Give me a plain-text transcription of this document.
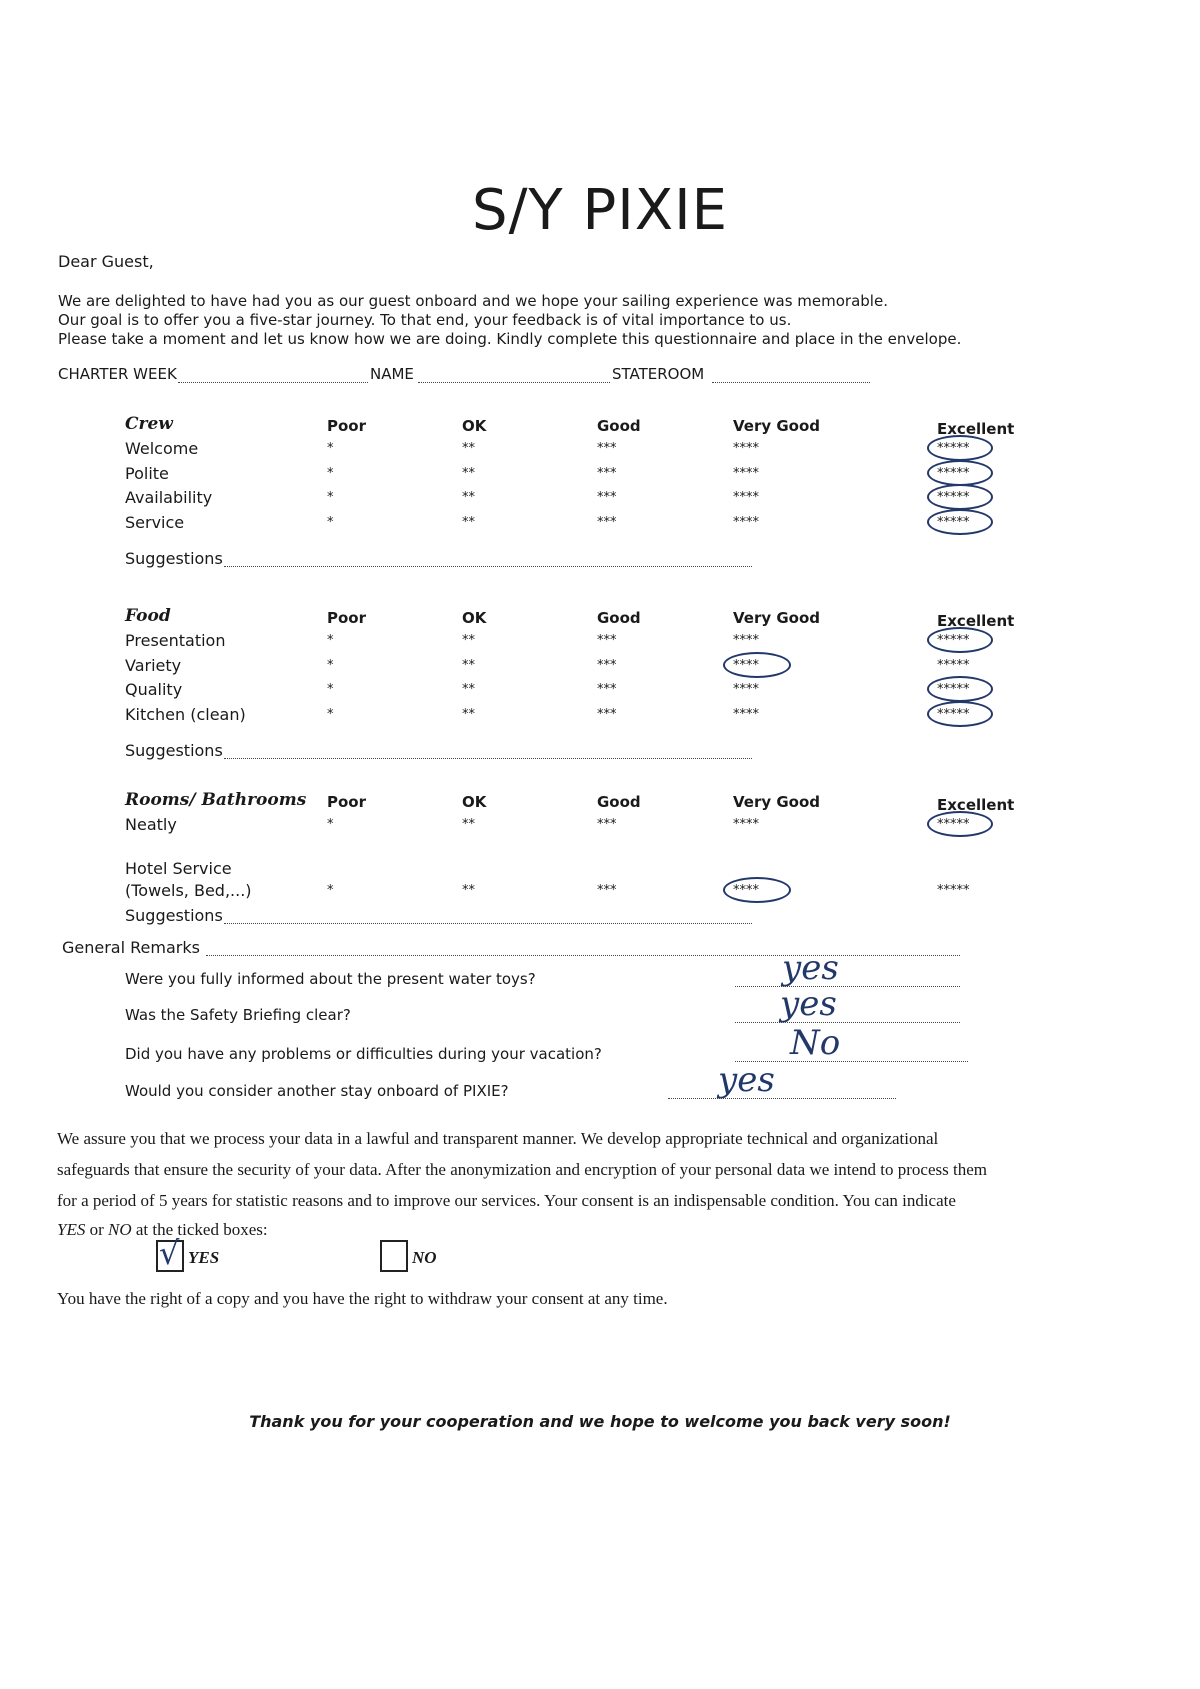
S/Y PIXIE
Dear Guest,
We are delighted to have had you as our guest onboard and we hope your sailing experience was memorable.
Our goal is to offer you a five-star journey. To that end, your feedback is of vital importance to us.
Please take a moment and let us know how we are doing. Kindly complete this questionnaire and place in the envelope.
CHARTER WEEK	NAME	STATEROOM
Crew	Poor	OK	Good	Very Good	Excellent
Welcome	*	**	***	****	*****
Polite	*	**	***	****	*****
Availability	*	**	***	****	*****
Service	*	**	***	****	*****
Suggestions
Food	Poor	OK	Good	Very Good	Excellent
Presentation	*	**	***	****	*****
Variety	*	**	***	****	*****
Quality	*	**	***	****	*****
Kitchen (clean)	*	**	***	****	*****
Suggestions
Rooms/ Bathrooms Poor	OK	Good	Very Good	Excellent
Neatly	*	**	***	****	*****
Hotel Service
(Towels, Bed,...)	*	**	***	****	*****
Suggestions
General Remarks
Were you fully informed about the present water toys?	yes
Was the Safety Briefing clear?	yes
Did you have any problems or difficulties during your vacation?	No
Would you consider another stay onboard of PIXIE?	yes
We assure you that we process your data in a lawful and transparent manner. We develop appropriate technical and organizational
safeguards that ensure the security of your data. After the anonymization and encryption of your personal data we intend to process them
for a period of 5 years for statistic reasons and to improve our services. Your consent is an indispensable condition. You can indicate
YES or NO at the ticked boxes:
√ YES	NO
You have the right of a copy and you have the right to withdraw your consent at any time.
Thank you for your cooperation and we hope to welcome you back very soon!
